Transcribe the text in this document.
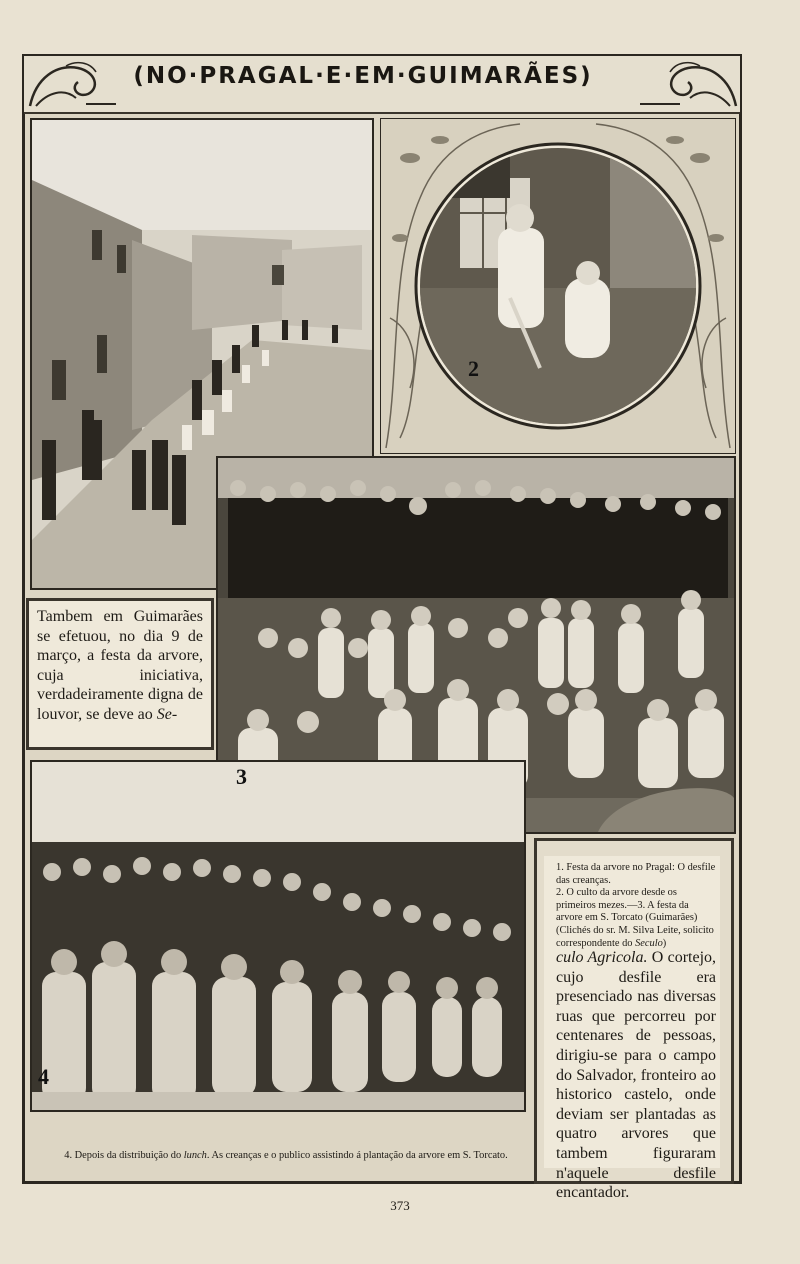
(NO·PRAGAL·E·EM·GUIMARÃES)
Tambem em Guimarães se efetuou, no dia 9 de março, a festa da arvore, cuja iniciativa, verdadeiramente digna de louvor, se deve ao Se-
2
3
4
1. Festa da arvore no Pragal: O desfile das creanças.
2. O culto da arvore desde os primeiros mezes.—3. A festa da arvore em S. Torcato (Guimarães) (Clichés do sr. M. Silva Leite, solicito correspondente do Seculo)
culo Agricola. O cortejo, cujo desfile era presenciado nas diversas ruas que percorreu por centenares de pessoas, dirigiu-se para o campo do Salvador, fronteiro ao historico castelo, onde deviam ser plantadas as quatro arvores que tambem figuraram n'aquele desfile encantador.
4. Depois da distribuição do lunch. As creanças e o publico assistindo á plantação da arvore em S. Torcato.
373
